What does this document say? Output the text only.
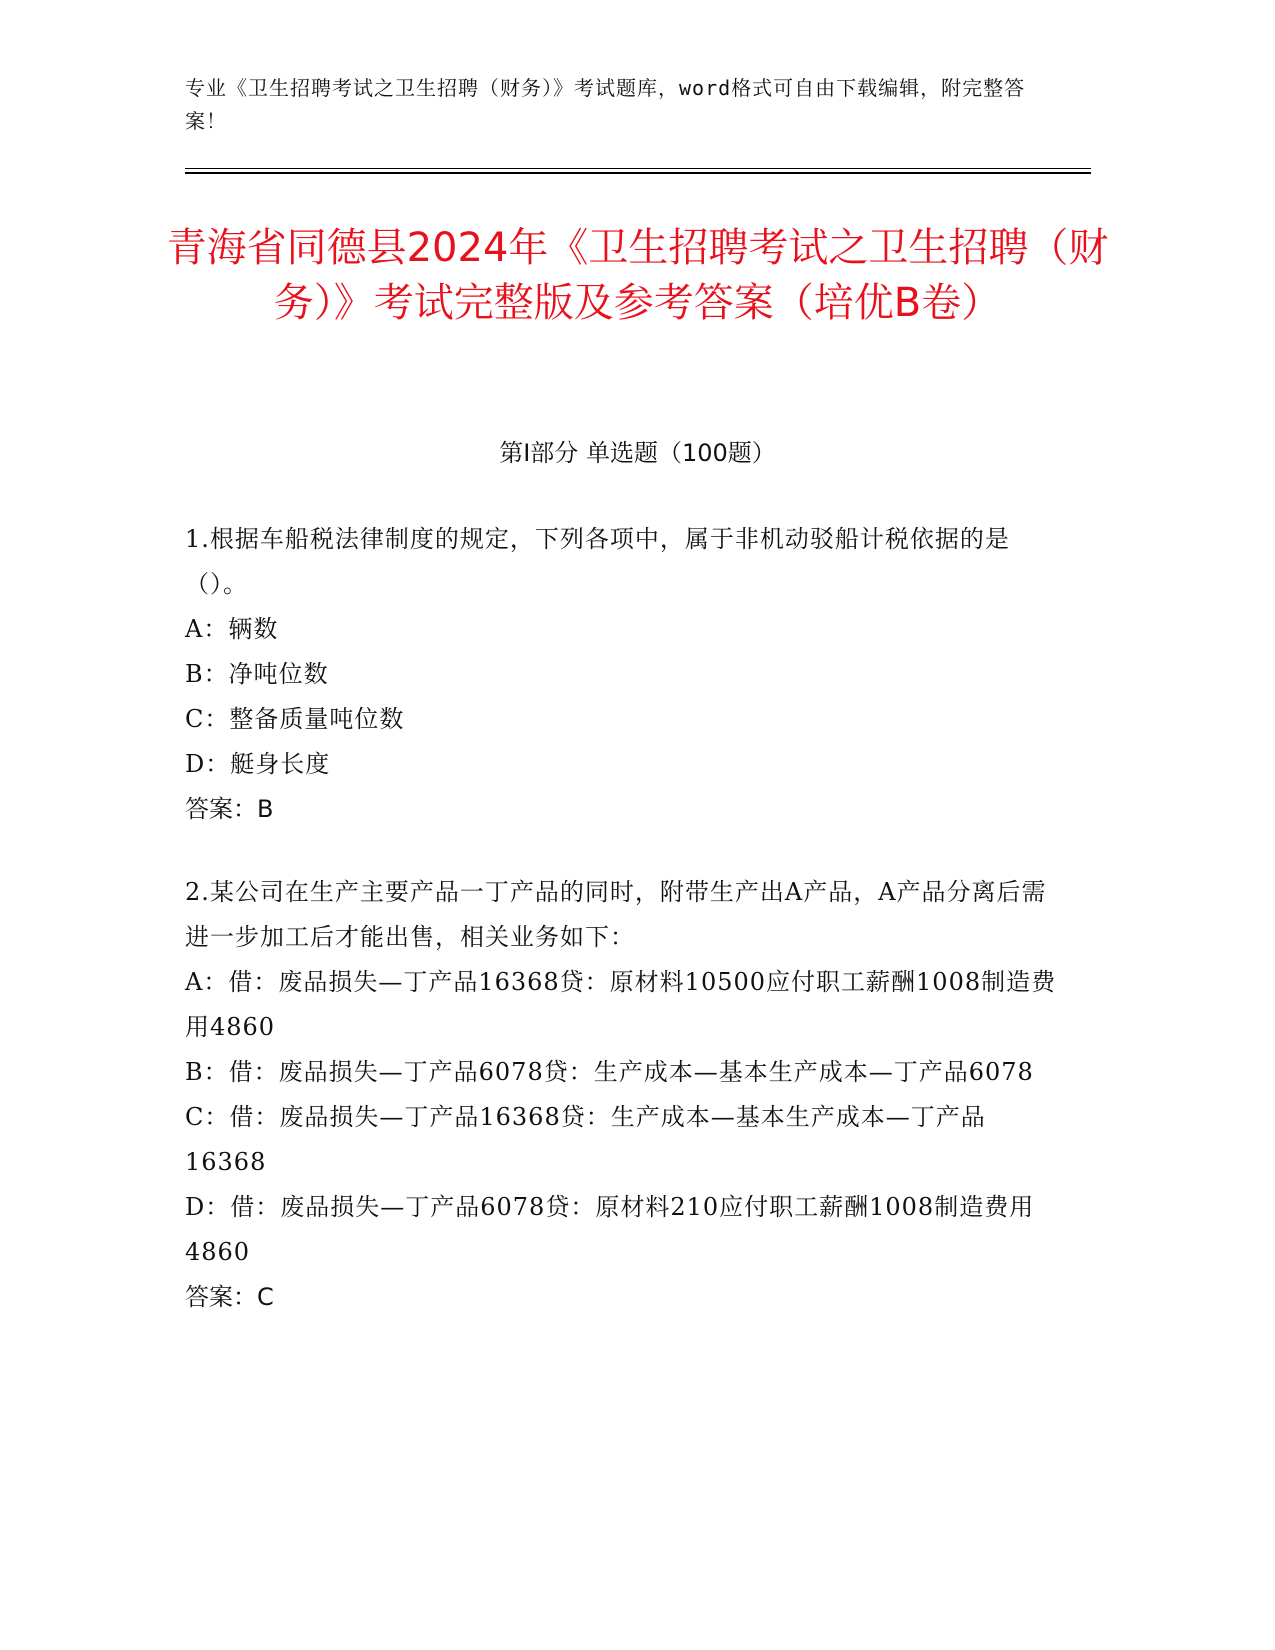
专业《卫生招聘考试之卫生招聘（财务）》考试题库，word格式可自由下载编辑，附完整答案！
青海省同德县2024年《卫生招聘考试之卫生招聘（财务）》考试完整版及参考答案（培优B卷）
第Ⅰ部分 单选题（100题）

1.根据车船税法律制度的规定，下列各项中，属于非机动驳船计税依据的是（）。

A：辆数

B：净吨位数

C：整备质量吨位数

D：艇身长度

答案：B

2.某公司在生产主要产品一丁产品的同时，附带生产出A产品，A产品分离后需进一步加工后才能出售，相关业务如下：

A：借：废品损失—丁产品16368贷：原材料10500应付职工薪酬1008制造费用4860

B：借：废品损失—丁产品6078贷：生产成本—基本生产成本—丁产品6078

C：借：废品损失—丁产品16368贷：生产成本—基本生产成本—丁产品16368

D：借：废品损失—丁产品6078贷：原材料210应付职工薪酬1008制造费用4860

答案：C
